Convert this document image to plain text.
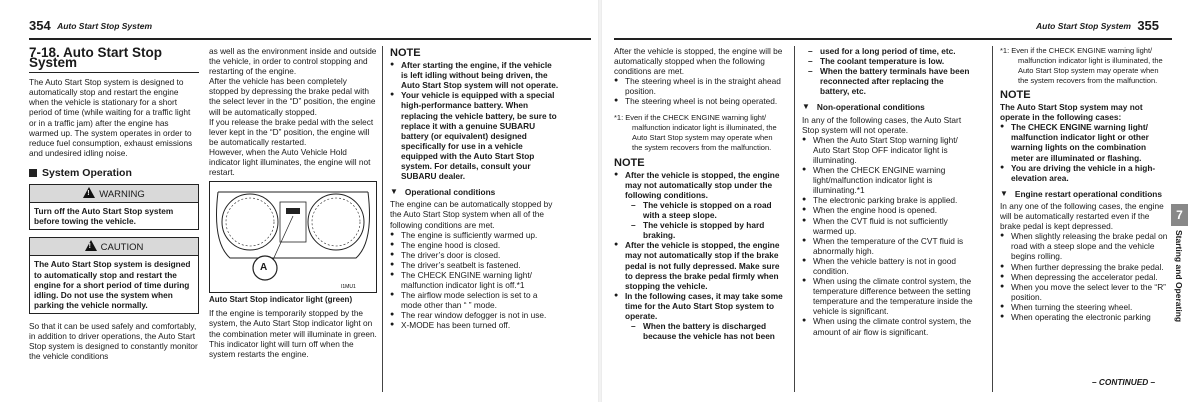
354 Auto Start Stop System
7-18. Auto Start Stop System

The Auto Start Stop system is designed to automatically stop and restart the engine when the vehicle is stationary for a short period of time (while waiting for a traffic light or in a traffic jam) after the engine has warmed up. The system operates in order to reduce fuel consumption, exhaust emissions and undesired idling noise.

System Operation
!WARNING
Turn off the Auto Start Stop system before towing the vehicle.
!CAUTION
The Auto Start Stop system is designed to automatically stop and restart the engine for a short period of time during idling. Do not use the system when parking the vehicle normally.

So that it can be used safely and comfortably, in addition to driver operations, the Auto Start Stop system is designed to constantly monitor the vehicle conditions

as well as the environment inside and outside the vehicle, in order to control stopping and restarting of the engine.

After the vehicle has been completely stopped by depressing the brake pedal with the select lever in the “D” position, the engine will be automatically stopped.

If you release the brake pedal with the select lever kept in the “D” position, the engine will be automatically restarted.

However, when the Auto Vehicle Hold indicator light illuminates, the engine will not restart.

I1MU1
A
Auto Start Stop indicator light (green)

If the engine is temporarily stopped by the system, the Auto Start Stop indicator light on the combination meter will illuminate in green. This indicator light will turn off when the system restarts the engine.

NOTE
● After starting the engine, if the vehicle is left idling without being driven, the Auto Start Stop system will not operate.
● Your vehicle is equipped with a special high-performance battery. When replacing the vehicle battery, be sure to replace it with a genuine SUBARU battery (or equivalent) designed specifically for use in a vehicle equipped with the Auto Start Stop system. For details, consult your SUBARU dealer.
▼ Operational conditions

The engine can be automatically stopped by the Auto Start Stop system when all of the following conditions are met.

● The engine is sufficiently warmed up.
● The engine hood is closed.
● The driver’s door is closed.
● The driver’s seatbelt is fastened.
● The CHECK ENGINE warning light/ malfunction indicator light is off.*1
● The airflow mode selection is set to a mode other than “ ” mode.
● The rear window defogger is not in use.
● X-MODE has been turned off.
Auto Start Stop System 355

After the vehicle is stopped, the engine will be automatically stopped when the following conditions are met.

● The steering wheel is in the straight ahead position.
● The steering wheel is not being operated.

*1: Even if the CHECK ENGINE warning light/ malfunction indicator light is illuminated, the Auto Start Stop system may operate when the system recovers from the malfunction.

NOTE
● After the vehicle is stopped, the engine may not automatically stop under the following conditions.
– The vehicle is stopped on a road with a steep slope.
– The vehicle is stopped by hard braking.
● After the vehicle is stopped, the engine may not automatically stop if the brake pedal is not fully depressed. Make sure to depress the brake pedal firmly when stopping the vehicle.
● In the following cases, it may take some time for the Auto Start Stop system to operate.
– When the battery is discharged because the vehicle has not been
– used for a long period of time, etc.
– The coolant temperature is low.
– When the battery terminals have been reconnected after replacing the battery, etc.
▼ Non-operational conditions

In any of the following cases, the Auto Start Stop system will not operate.

● When the Auto Start Stop warning light/ Auto Start Stop OFF indicator light is illuminating.
● When the CHECK ENGINE warning light/malfunction indicator light is illuminating.*1
● The electronic parking brake is applied.
● When the engine hood is opened.
● When the CVT fluid is not sufficiently warmed up.
● When the temperature of the CVT fluid is abnormally high.
● When the vehicle battery is not in good condition.
● When using the climate control system, the temperature difference between the setting temperature and the temperature inside the vehicle is significant.
● When using the climate control system, the amount of air flow is significant.

*1: Even if the CHECK ENGINE warning light/ malfunction indicator light is illuminated, the Auto Start Stop system may operate when the system recovers from the malfunction.

NOTE

The Auto Start Stop system may not operate in the following cases:

● The CHECK ENGINE warning light/ malfunction indicator light or other warning lights on the combination meter are illuminated or flashing.
● You are driving the vehicle in a high-elevation area.
▼ Engine restart operational conditions

In any one of the following cases, the engine will be automatically restarted even if the brake pedal is kept depressed.

● When slightly releasing the brake pedal on road with a steep slope and the vehicle begins rolling.
● When further depressing the brake pedal.
● When depressing the accelerator pedal.
● When you move the select lever to the “R” position.
● When turning the steering wheel.
● When operating the electronic parking
7
Starting and Operating
– CONTINUED –
